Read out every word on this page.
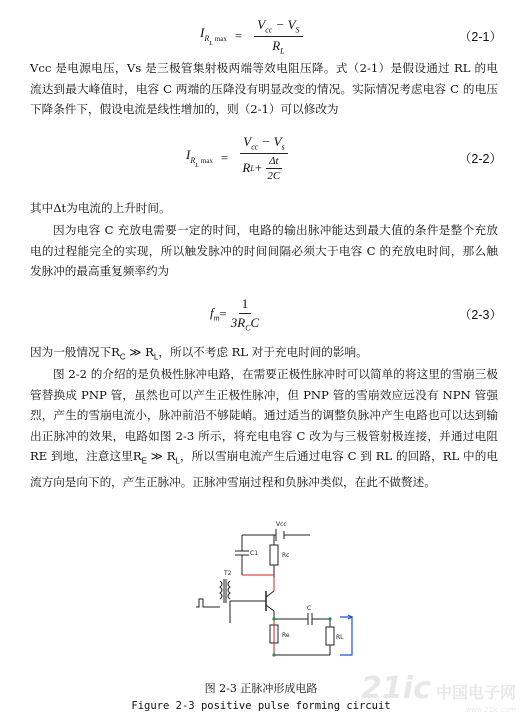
$I_{R_L max} = \frac{V_{cc} - V_S}{R_L}$	（2-1）

Vcc 是电源电压，Vs 是三极管集射极两端等效电阻压降。式（2-1）是假设通过 RL 的电流达到最大峰值时，电容 C 两端的压降没有明显改变的情况。实际情况考虑电容 C 的电压下降条件下，假设电流是线性增加的，则（2-1）可以修改为

$I_{R_L max} = \frac{V_{cc} - V_s}{R L + \frac{\Delta t}{2C}}$	（2-2）

其中Δt为电流的上升时间。

因为电容 C 充放电需要一定的时间，电路的输出脉冲能达到最大值的条件是整个充放电的过程能完全的实现，所以触发脉冲的时间间隔必须大于电容 C 的充放电时间，那么触发脉冲的最高重复频率约为

$f_m = \frac{1}{3R_CC}$	（2-3）

因为一般情况下$R_C$ ≫ $R_L$，所以不考虑 RL 对于充电时间的影响。

图 2-2 的介绍的是负极性脉冲电路，在需要正极性脉冲时可以简单的将这里的雪崩三极管替换成 PNP 管，虽然也可以产生正极性脉冲，但 PNP 管的雪崩效应远没有 NPN 管强烈，产生的雪崩电流小，脉冲前沿不够陡峭。通过适当的调整负脉冲产生电路也可以达到输出正脉冲的效果，电路如图 2-3 所示，将充电电容 C 改为与三极管射极连接，并通过电阻 RE 到地，注意这里$R_E$ ≫ $R_L$，所以雪崩电流产生后通过电容 C 到 RL 的回路，RL 中的电流方向是向下的，产生正脉冲。正脉冲雪崩过程和负脉冲类似，在此不做赘述。

Vcc
C1	Rc
T2
C
Re	RL
图 2-3 正脉冲形成电路
Figure 2-3 positive pulse forming circuit
21ic 中国电子网
www.21ic.com
